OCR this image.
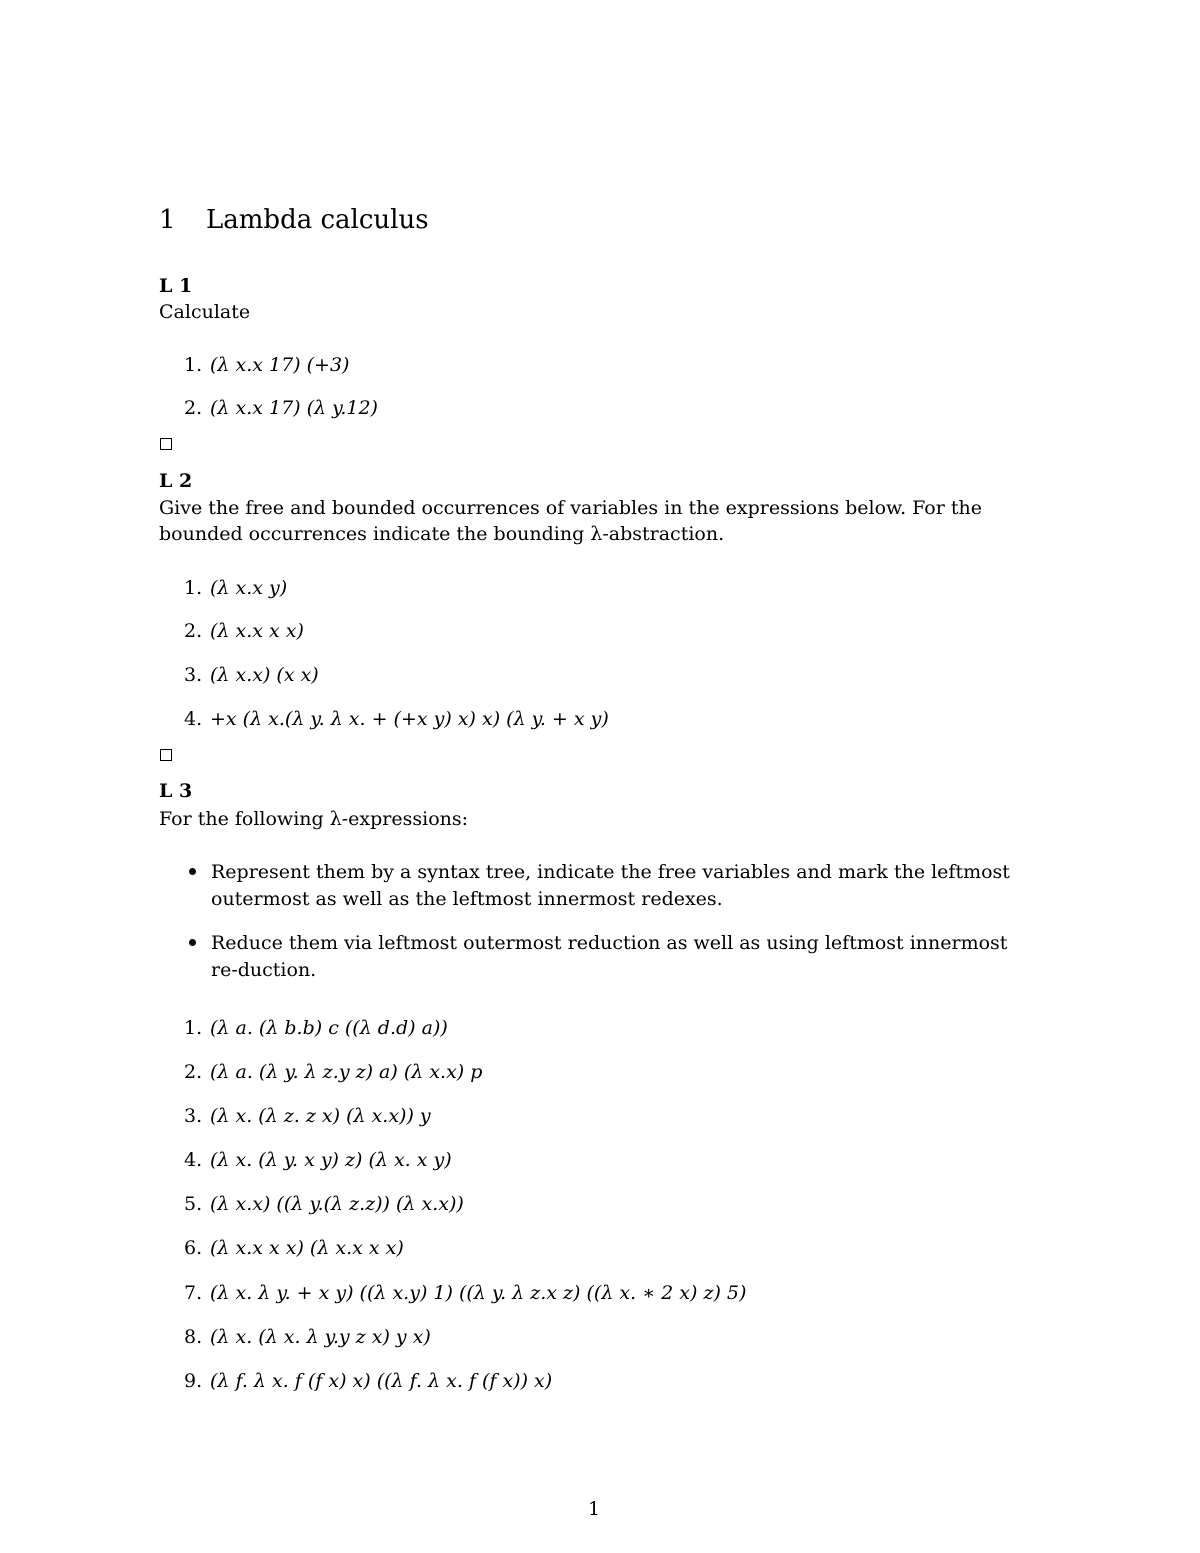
1 Lambda calculus
L 1
Calculate
1. (λ x.x 17) (+3)
2. (λ x.x 17) (λ y.12)
L 2
Give the free and bounded occurrences of variables in the expressions below. For the bounded occurrences indicate the bounding λ-abstraction.
1. (λ x.x y)
2. (λ x.x x x)
3. (λ x.x) (x x)
4. +x (λ x.(λ y. λ x. + (+x y) x) x) (λ y. + x y)
L 3
For the following λ-expressions:
Represent them by a syntax tree, indicate the free variables and mark the leftmost outermost as well as the leftmost innermost redexes.
Reduce them via leftmost outermost reduction as well as using leftmost innermost re-duction.
1. (λ a. (λ b.b) c ((λ d.d) a))
2. (λ a. (λ y. λ z.y z) a) (λ x.x) p
3. (λ x. (λ z. z x) (λ x.x)) y
4. (λ x. (λ y. x y) z) (λ x. x y)
5. (λ x.x) ((λ y.(λ z.z)) (λ x.x))
6. (λ x.x x x) (λ x.x x x)
7. (λ x. λ y. + x y) ((λ x.y) 1) ((λ y. λ z.x z) ((λ x. ∗ 2 x) z) 5)
8. (λ x. (λ x. λ y.y z x) y x)
9. (λ f. λ x. f (f x) x) ((λ f. λ x. f (f x)) x)
1
